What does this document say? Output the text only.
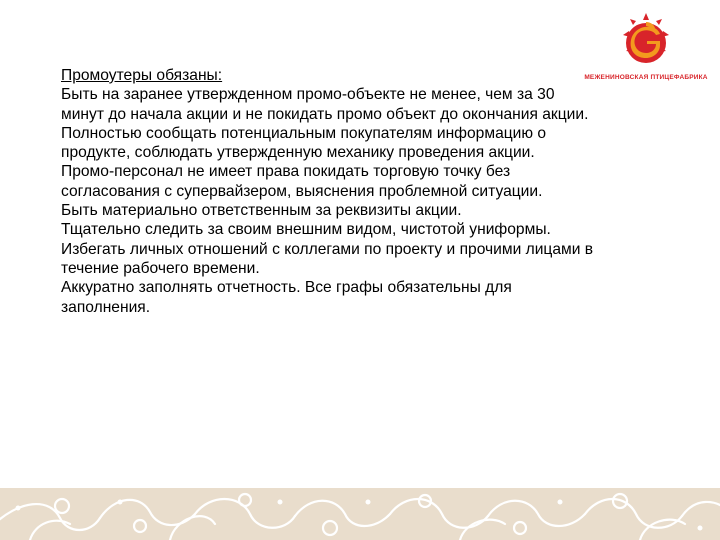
МЕЖЕНИНОВСКАЯ ПТИЦЕФАБРИКА
Промоутеры обязаны:
Быть на заранее утвержденном промо-объекте не менее, чем за 30 минут до начала акции и не покидать промо объект до окончания акции.
Полностью сообщать потенциальным покупателям информацию о продукте, соблюдать утвержденную механику проведения акции.
Промо-персонал не имеет права покидать торговую точку без согласования с супервайзером, выяснения проблемной ситуации.
Быть материально ответственным за реквизиты акции.
Тщательно следить за своим внешним видом, чистотой униформы.
Избегать личных отношений с коллегами по проекту и прочими лицами в течение рабочего времени.
Аккуратно заполнять отчетность. Все графы обязательны для заполнения.
